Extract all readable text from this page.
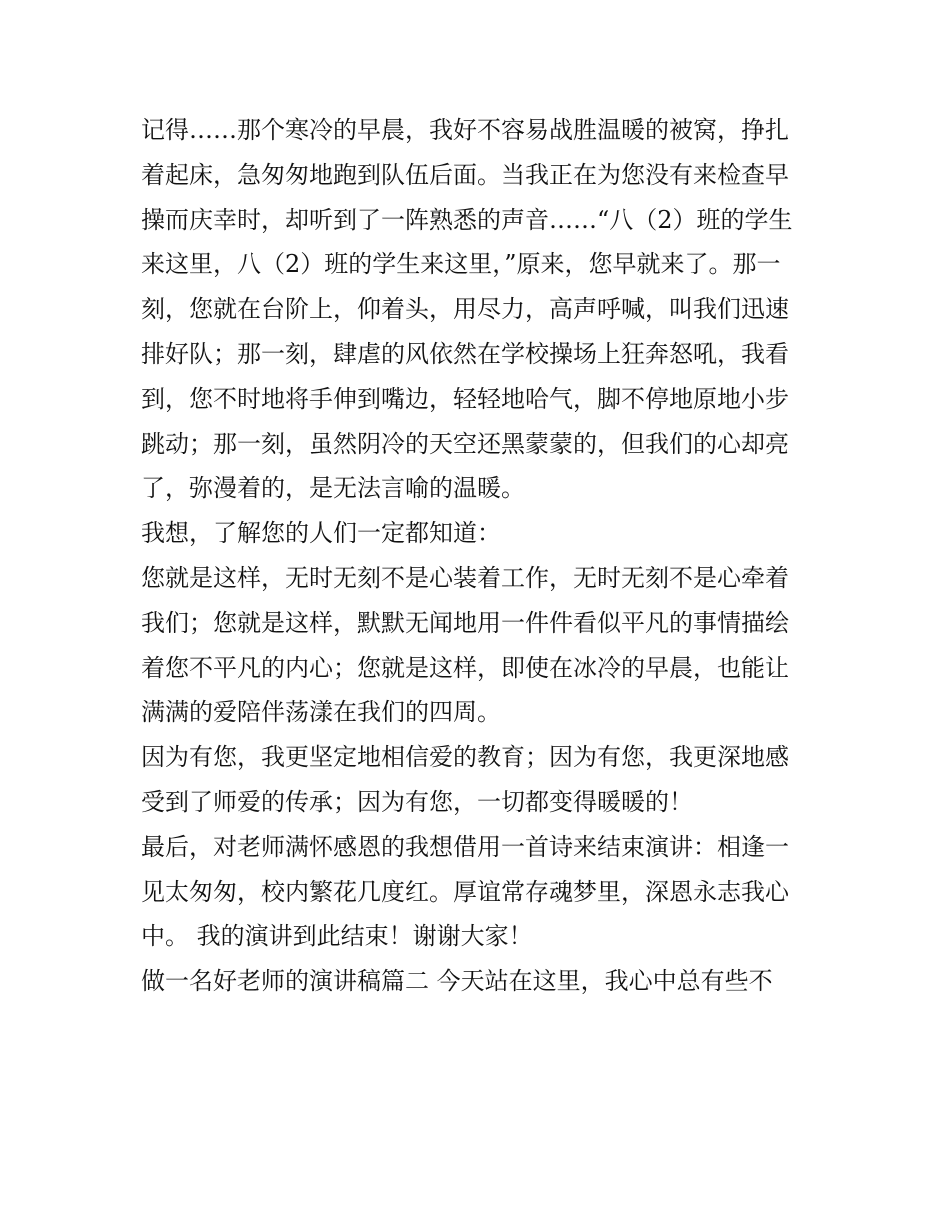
记得……那个寒冷的早晨，我好不容易战胜温暖的被窝，挣扎
着起床，急匆匆地跑到队伍后面。当我正在为您没有来检查早
操而庆幸时，却听到了一阵熟悉的声音……“八（2）班的学生
来这里，八（2）班的学生来这里，”原来，您早就来了。那一
刻，您就在台阶上，仰着头，用尽力，高声呼喊，叫我们迅速
排好队；那一刻，肆虐的风依然在学校操场上狂奔怒吼，我看
到，您不时地将手伸到嘴边，轻轻地哈气，脚不停地原地小步
跳动；那一刻，虽然阴冷的天空还黑蒙蒙的，但我们的心却亮
了，弥漫着的，是无法言喻的温暖。
我想，了解您的人们一定都知道：
您就是这样，无时无刻不是心装着工作，无时无刻不是心牵着
我们；您就是这样，默默无闻地用一件件看似平凡的事情描绘
着您不平凡的内心；您就是这样，即使在冰冷的早晨，也能让
满满的爱陪伴荡漾在我们的四周。
因为有您，我更坚定地相信爱的教育；因为有您，我更深地感
受到了师爱的传承；因为有您，一切都变得暖暖的！
最后，对老师满怀感恩的我想借用一首诗来结束演讲：相逢一
见太匆匆，校内繁花几度红。厚谊常存魂梦里，深恩永志我心
中。 我的演讲到此结束！谢谢大家！
做一名好老师的演讲稿篇二 今天站在这里，我心中总有些不
